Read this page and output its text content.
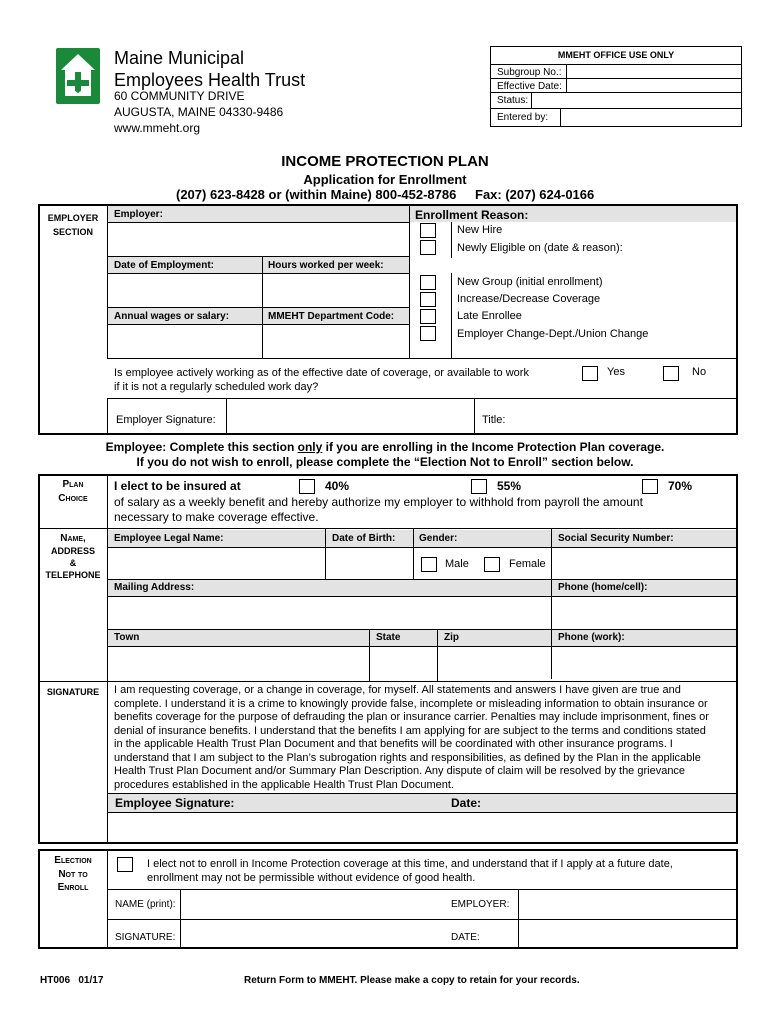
Maine Municipal
Employees Health Trust
60 COMMUNITY DRIVE
AUGUSTA, MAINE 04330-9486
www.mmeht.org
MMEHT OFFICE USE ONLY
Subgroup No.:
Effective Date:
Status:
Entered by:
INCOME PROTECTION PLAN
Application for Enrollment
(207) 623-8428 or (within Maine) 800-452-8786 Fax: (207) 624-0166
EMPLOYER
SECTION
Employer:
Date of Employment:	Hours worked per week:
Annual wages or salary:	MMEHT Department Code:
Enrollment Reason:
New Hire
Newly Eligible on (date & reason):
New Group (initial enrollment)
Increase/Decrease Coverage
Late Enrollee
Employer Change-Dept./Union Change
Is employee actively working as of the effective date of coverage, or available to work
if it is not a regularly scheduled work day?
Yes	No
Employer Signature:	Title:
Employee: Complete this section only if you are enrolling in the Income Protection Plan coverage.
If you do not wish to enroll, please complete the “Election Not to Enroll” section below.
Plan
Choice
I elect to be insured at	40%	55%	70%
of salary as a weekly benefit and hereby authorize my employer to withhold from payroll the amount
necessary to make coverage effective.
Name,
ADDRESS
&
TELEPHONE
Employee Legal Name:	Date of Birth: Gender:	Social Security Number:
Male	Female
Mailing Address:	Phone (home/cell):
Town	State	Zip	Phone (work):
SIGNATURE	I am requesting coverage, or a change in coverage, for myself. All statements and answers I have given are true and
complete. I understand it is a crime to knowingly provide false, incomplete or misleading information to obtain insurance or
benefits coverage for the purpose of defrauding the plan or insurance carrier. Penalties may include imprisonment, fines or
denial of insurance benefits. I understand that the benefits I am applying for are subject to the terms and conditions stated
in the applicable Health Trust Plan Document and that benefits will be coordinated with other insurance programs. I
understand that I am subject to the Plan’s subrogation rights and responsibilities, as defined by the Plan in the applicable
Health Trust Plan Document and/or Summary Plan Description. Any dispute of claim will be resolved by the grievance
procedures established in the applicable Health Trust Plan Document.
Employee Signature:	Date:
Election
Not to
Enroll
I elect not to enroll in Income Protection coverage at this time, and understand that if I apply at a future date,
enrollment may not be permissible without evidence of good health.
NAME (print):	EMPLOYER:
SIGNATURE:	DATE:
HT006   01/17	Return Form to MMEHT. Please make a copy to retain for your records.
